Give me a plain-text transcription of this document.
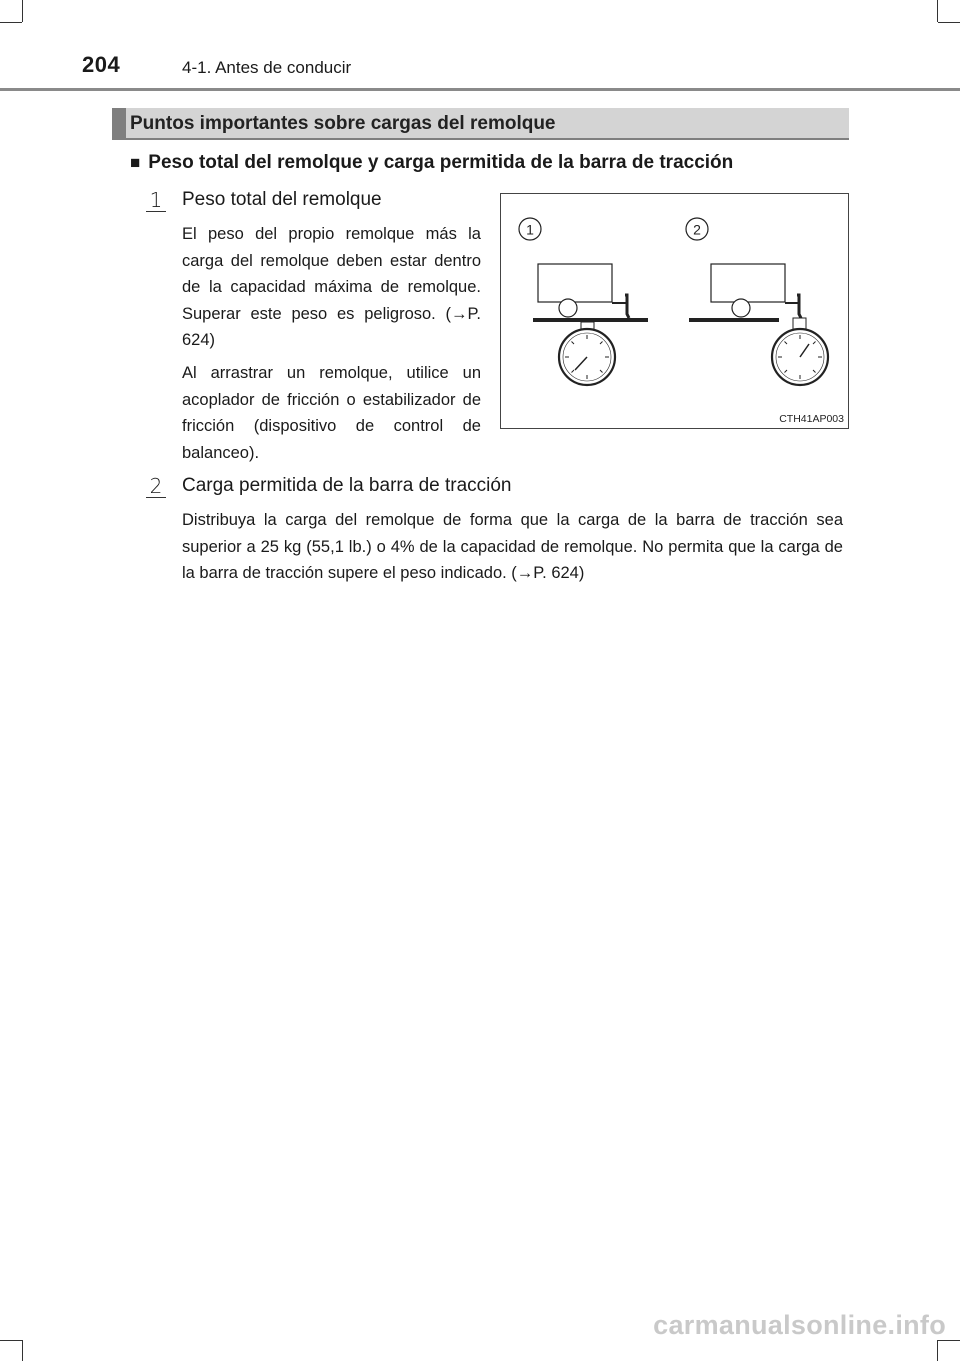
204	4-1. Antes de conducir
Puntos importantes sobre cargas del remolque
■ Peso total del remolque y carga permitida de la barra de tracción
1 Peso total del remolque

El peso del propio remolque más la carga del remolque deben estar dentro de la capacidad máxima de remolque. Superar este peso es peligroso. (→P. 624)

Al arrastrar un remolque, utilice un acoplador de fricción o estabilizador de fricción (dispositivo de control de balanceo).

1	2
CTH41AP003
2 Carga permitida de la barra de tracción

Distribuya la carga del remolque de forma que la carga de la barra de tracción sea superior a 25 kg (55,1 lb.) o 4% de la capacidad de remolque. No permita que la carga de la barra de tracción supere el peso indicado. (→P. 624)

carmanualsonline.info
